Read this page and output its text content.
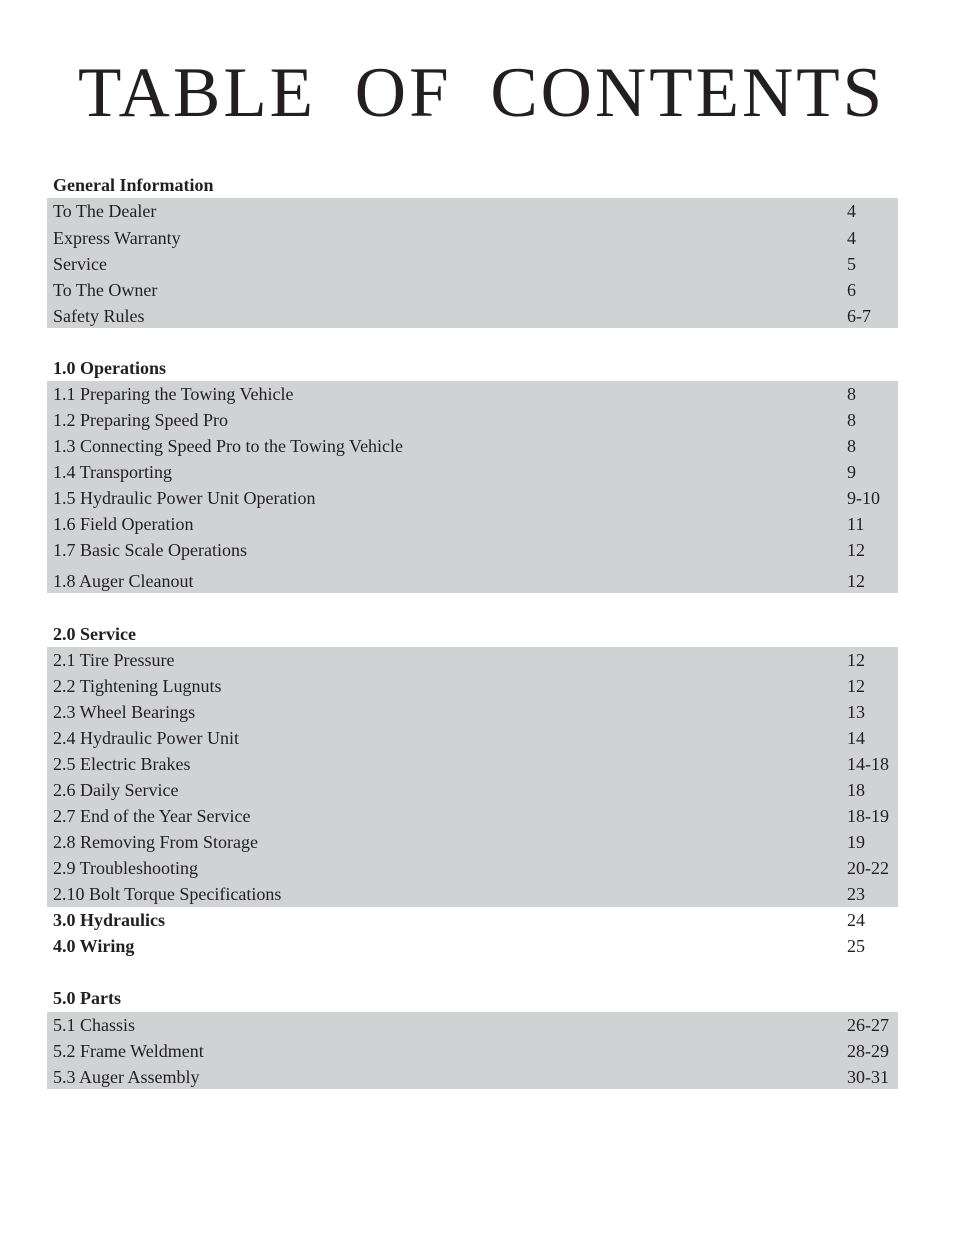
TABLE OF CONTENTS
General Information
To The Dealer	4
Express Warranty	4
Service	5
To The Owner	6
Safety Rules	6-7
1.0 Operations
1.1 Preparing the Towing Vehicle	8
1.2 Preparing Speed Pro	8
1.3 Connecting Speed Pro to the Towing Vehicle	8
1.4 Transporting	9
1.5 Hydraulic Power Unit Operation	9-10
1.6 Field Operation	11
1.7 Basic Scale Operations	12
1.8 Auger Cleanout	12
2.0 Service
2.1 Tire Pressure	12
2.2 Tightening Lugnuts	12
2.3 Wheel Bearings	13
2.4 Hydraulic Power Unit	14
2.5 Electric Brakes	14-18
2.6 Daily Service	18
2.7 End of the Year Service	18-19
2.8 Removing From Storage	19
2.9 Troubleshooting	20-22
2.10 Bolt Torque Specifications	23
3.0 Hydraulics	24
4.0 Wiring	25
5.0 Parts
5.1 Chassis	26-27
5.2 Frame Weldment	28-29
5.3 Auger Assembly	30-31
